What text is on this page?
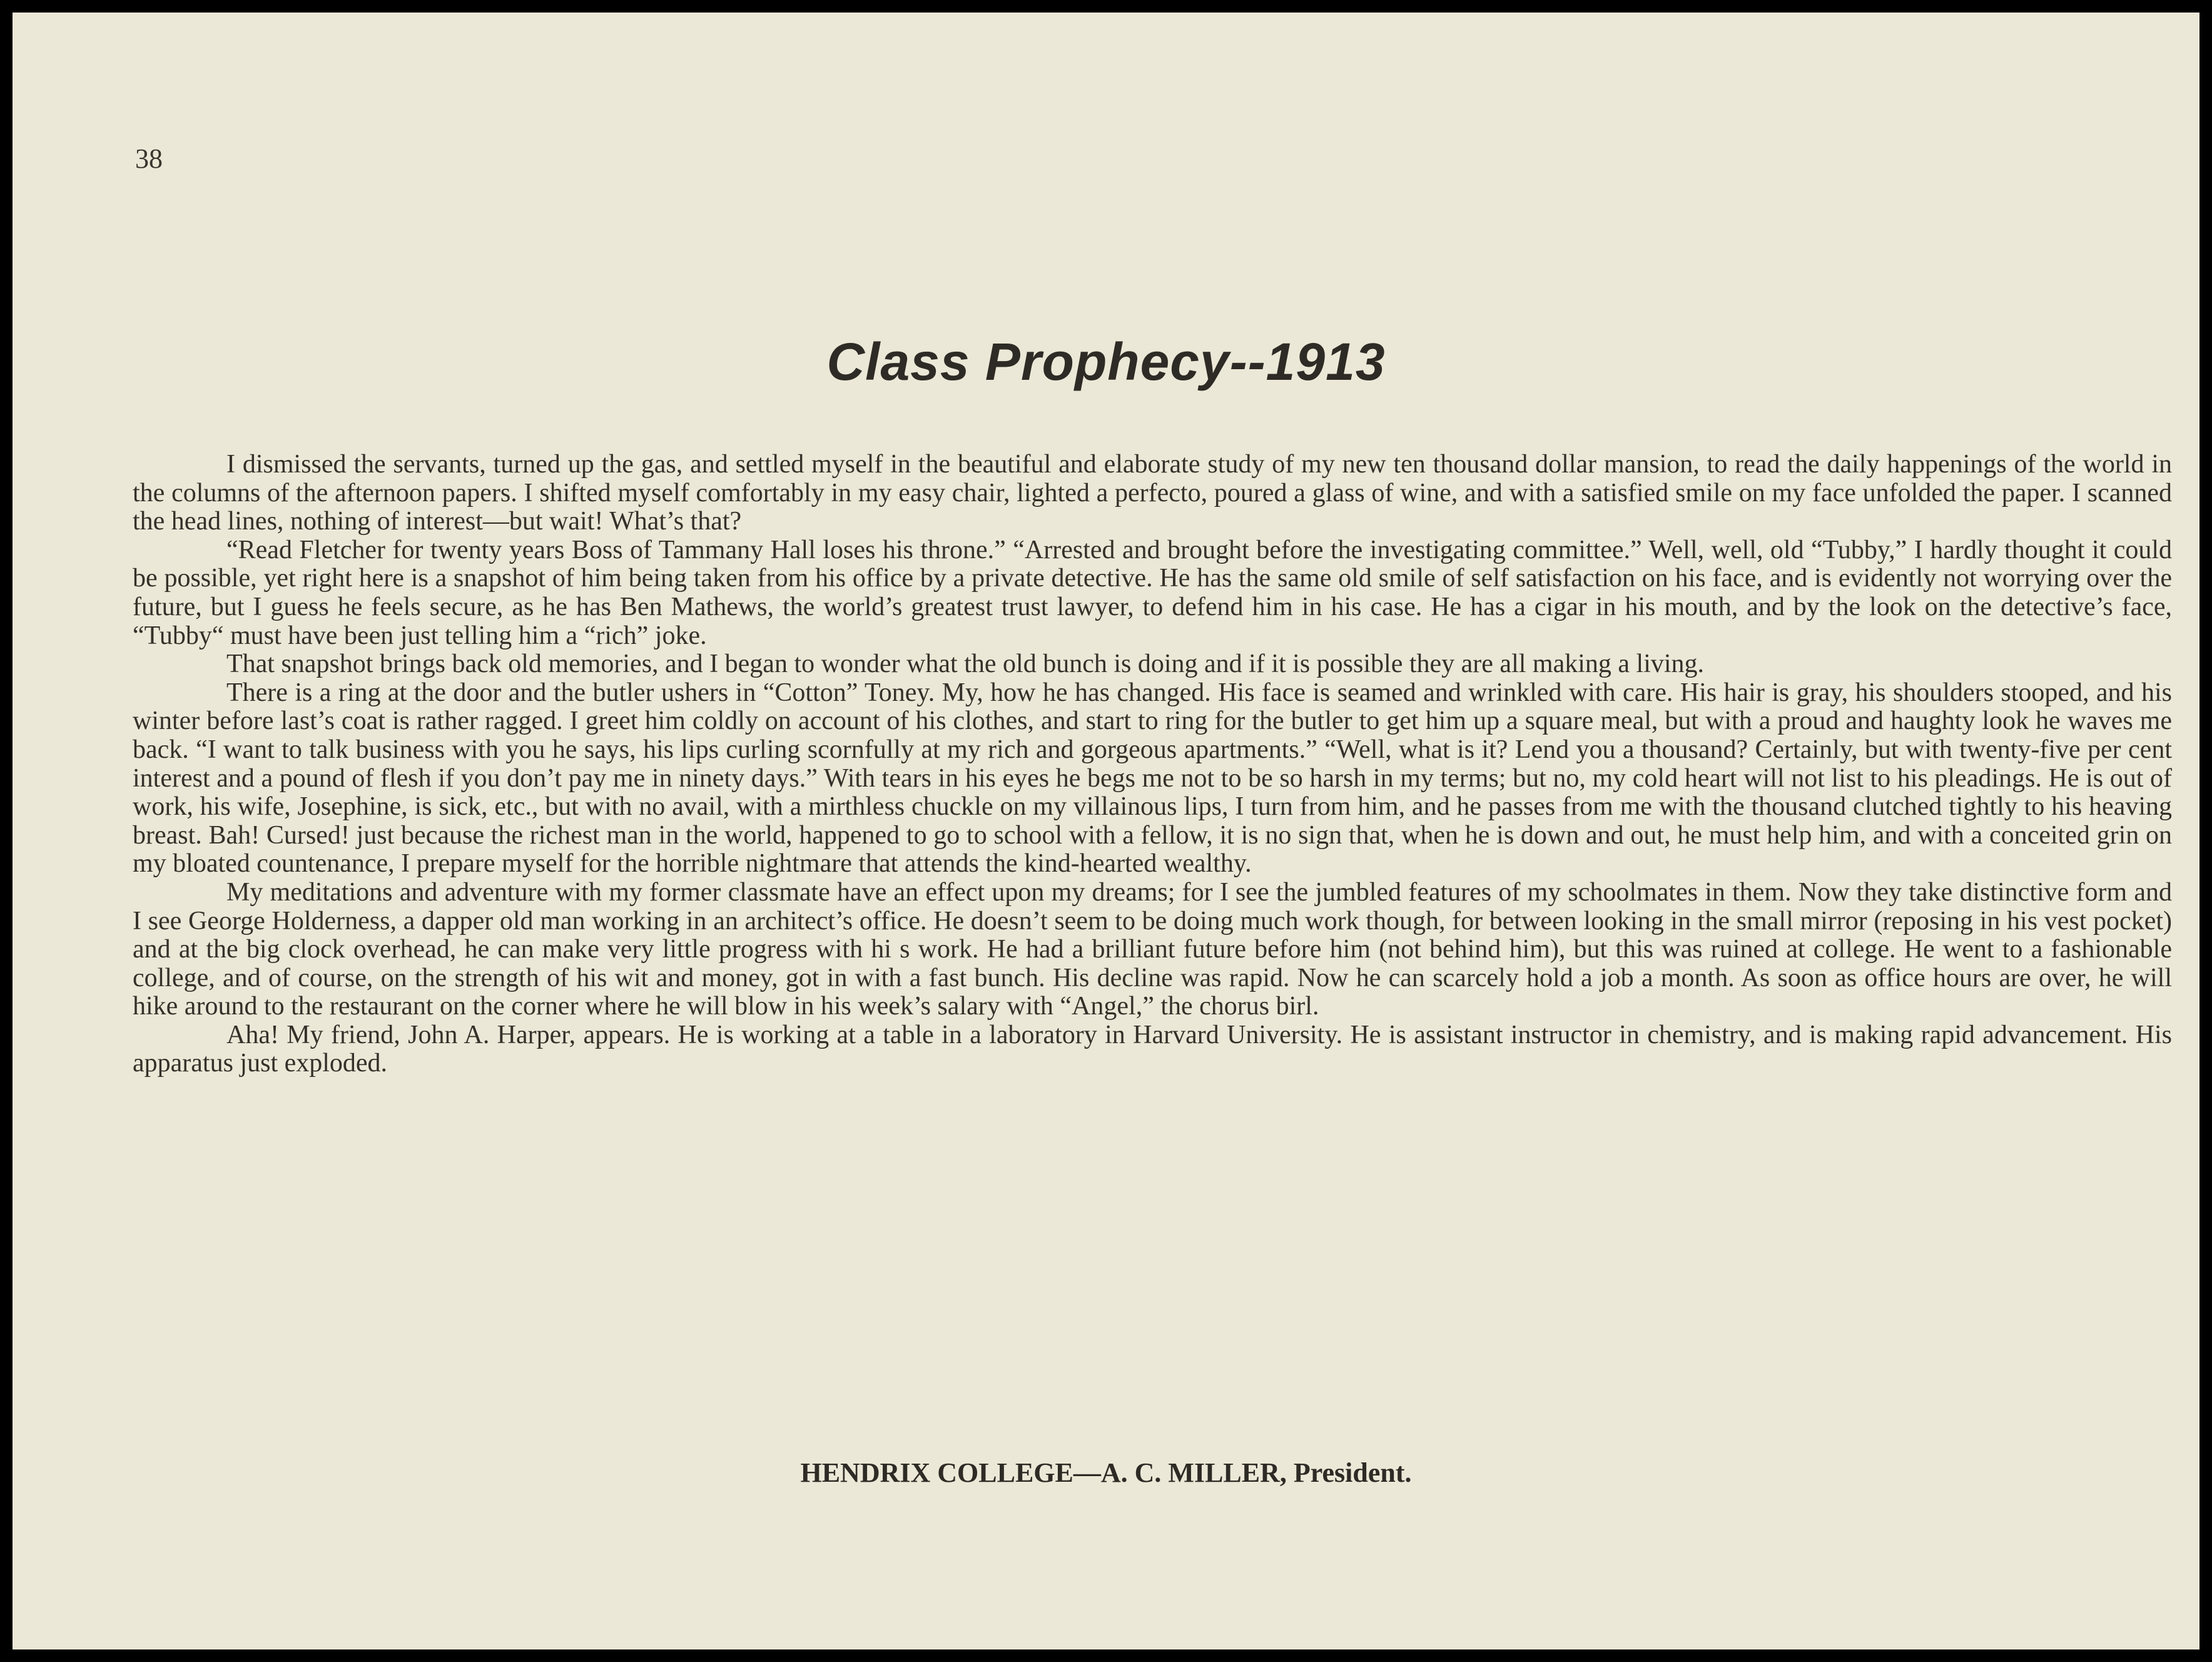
38
Class Prophecy--1913

I dismissed the servants, turned up the gas, and settled myself in the beautiful and elaborate study of my new ten thousand dollar mansion, to read the daily happenings of the world in the columns of the afternoon papers. I shifted myself comfortably in my easy chair, lighted a perfecto, poured a glass of wine, and with a satisfied smile on my face unfolded the paper. I scanned the head lines, nothing of interest—but wait! What’s that?

“Read Fletcher for twenty years Boss of Tammany Hall loses his throne.” “Arrested and brought before the investigating committee.” Well, well, old “Tubby,” I hardly thought it could be possible, yet right here is a snapshot of him being taken from his office by a private detective. He has the same old smile of self satisfaction on his face, and is evidently not worrying over the future, but I guess he feels secure, as he has Ben Mathews, the world’s greatest trust lawyer, to defend him in his case. He has a cigar in his mouth, and by the look on the detective’s face, “Tubby“ must have been just telling him a “rich” joke.

That snapshot brings back old memories, and I began to wonder what the old bunch is doing and if it is possible they are all making a living.

There is a ring at the door and the butler ushers in “Cotton” Toney. My, how he has changed. His face is seamed and wrinkled with care. His hair is gray, his shoulders stooped, and his winter before last’s coat is rather ragged. I greet him coldly on account of his clothes, and start to ring for the butler to get him up a square meal, but with a proud and haughty look he waves me back. “I want to talk business with you he says, his lips curling scornfully at my rich and gorgeous apartments.” “Well, what is it? Lend you a thousand? Certainly, but with twenty-five per cent interest and a pound of flesh if you don’t pay me in ninety days.” With tears in his eyes he begs me not to be so harsh in my terms; but no, my cold heart will not list to his pleadings. He is out of work, his wife, Josephine, is sick, etc., but with no avail, with a mirthless chuckle on my villainous lips, I turn from him, and he passes from me with the thousand clutched tightly to his heaving breast. Bah! Cursed! just because the richest man in the world, happened to go to school with a fellow, it is no sign that, when he is down and out, he must help him, and with a conceited grin on my bloated countenance, I prepare myself for the horrible nightmare that attends the kind-hearted wealthy.

My meditations and adventure with my former classmate have an effect upon my dreams; for I see the jumbled features of my schoolmates in them. Now they take distinctive form and I see George Holderness, a dapper old man working in an architect’s office. He doesn’t seem to be doing much work though, for between looking in the small mirror (reposing in his vest pocket) and at the big clock overhead, he can make very little progress with hi s work. He had a brilliant future before him (not behind him), but this was ruined at college. He went to a fashionable college, and of course, on the strength of his wit and money, got in with a fast bunch. His decline was rapid. Now he can scarcely hold a job a month. As soon as office hours are over, he will hike around to the restaurant on the corner where he will blow in his week’s salary with “Angel,” the chorus birl.

Aha! My friend, John A. Harper, appears. He is working at a table in a laboratory in Harvard University. He is assistant instructor in chemistry, and is making rapid advancement. His apparatus just exploded.

HENDRIX COLLEGE—A. C. MILLER, President.
